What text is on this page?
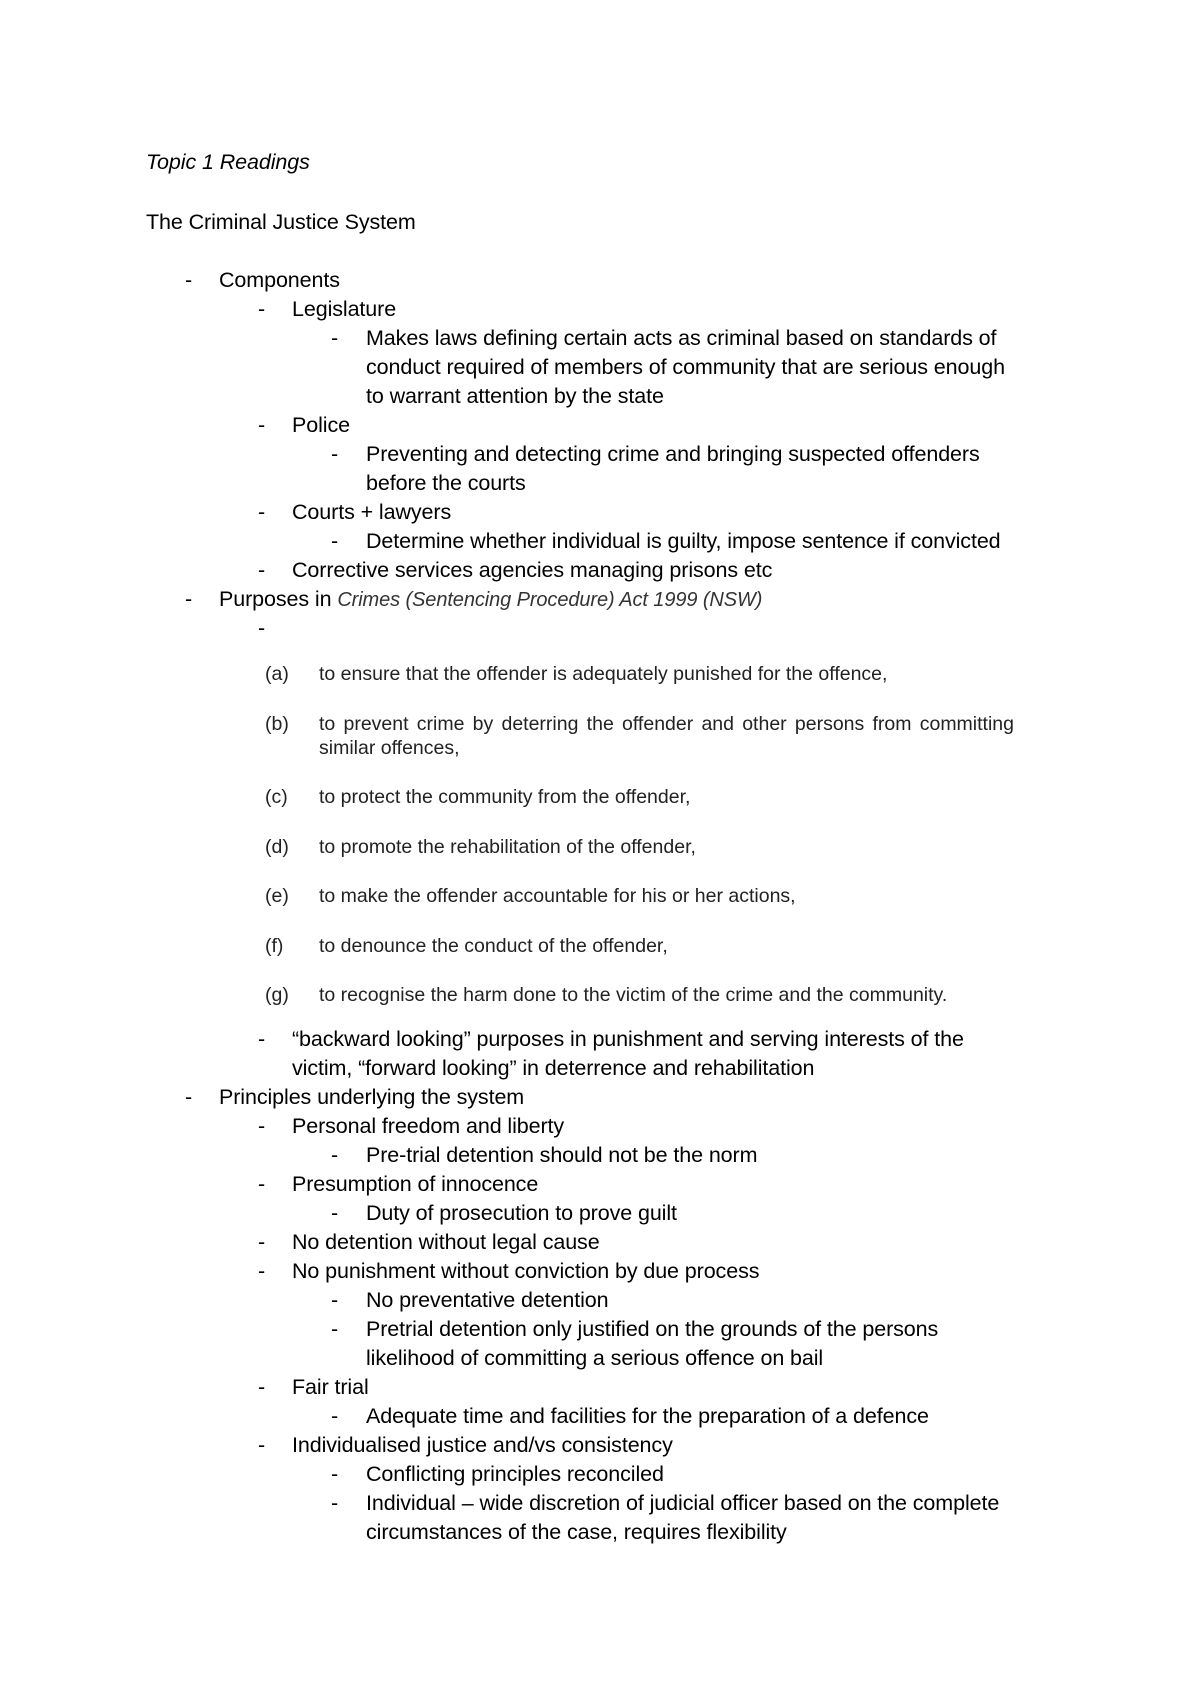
Topic 1 Readings
The Criminal Justice System
- Components
- Legislature
- Makes laws defining certain acts as criminal based on standards of
conduct required of members of community that are serious enough
to warrant attention by the state
- Police
- Preventing and detecting crime and bringing suspected offenders
before the courts
- Courts + lawyers
- Determine whether individual is guilty, impose sentence if convicted
- Corrective services agencies managing prisons etc
- Purposes in Crimes (Sentencing Procedure) Act 1999 (NSW)
-
(a) to ensure that the offender is adequately punished for the offence,
(b) to prevent crime by deterring the offender and other persons from committing similar offences,
(c) to protect the community from the offender,
(d) to promote the rehabilitation of the offender,
(e) to make the offender accountable for his or her actions,
(f) to denounce the conduct of the offender,
(g) to recognise the harm done to the victim of the crime and the community.
- “backward looking” purposes in punishment and serving interests of the
victim, “forward looking” in deterrence and rehabilitation
- Principles underlying the system
- Personal freedom and liberty
- Pre-trial detention should not be the norm
- Presumption of innocence
- Duty of prosecution to prove guilt
- No detention without legal cause
- No punishment without conviction by due process
- No preventative detention
- Pretrial detention only justified on the grounds of the persons
likelihood of committing a serious offence on bail
- Fair trial
- Adequate time and facilities for the preparation of a defence
- Individualised justice and/vs consistency
- Conflicting principles reconciled
- Individual – wide discretion of judicial officer based on the complete
circumstances of the case, requires flexibility
